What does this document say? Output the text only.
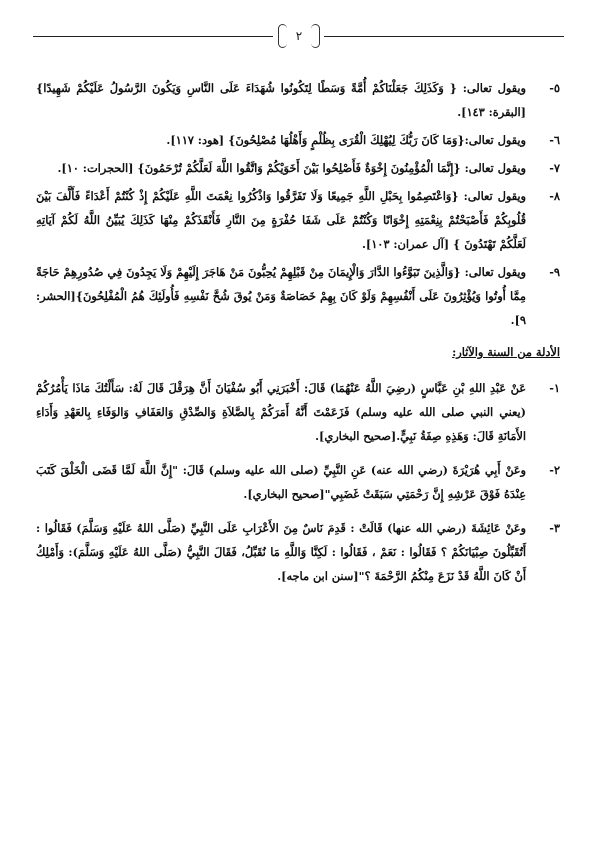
٢
٥-
ويقول تعالى: { وَكَذَلِكَ جَعَلْنَاكُمْ أُمَّةً وَسَطًا لِتَكُونُوا شُهَدَاءَ عَلَى النَّاسِ وَيَكُونَ الرَّسُولُ عَلَيْكُمْ شَهِيدًا} [البقرة: ١٤٣].
٦-
ويقول تعالى:{وَمَا كَانَ رَبُّكَ لِيُهْلِكَ الْقُرَى بِظُلْمٍ وَأَهْلُهَا مُصْلِحُونَ} [هود: ١١٧].
٧-
ويقول تعالى: {إِنَّمَا الْمُؤْمِنُونَ إِخْوَةٌ فَأَصْلِحُوا بَيْنَ أَخَوَيْكُمْ وَاتَّقُوا اللَّهَ لَعَلَّكُمْ تُرْحَمُونَ} [الحجرات: ١٠].
٨-
ويقول تعالى: {وَاعْتَصِمُوا بِحَبْلِ اللَّهِ جَمِيعًا وَلَا تَفَرَّقُوا وَاذْكُرُوا نِعْمَتَ اللَّهِ عَلَيْكُمْ إِذْ كُنْتُمْ أَعْدَاءً فَأَلَّفَ بَيْنَ قُلُوبِكُمْ فَأَصْبَحْتُمْ بِنِعْمَتِهِ إِخْوَانًا وَكُنْتُمْ عَلَى شَفَا حُفْرَةٍ مِنَ النَّارِ فَأَنْقَذَكُمْ مِنْهَا كَذَلِكَ يُبَيِّنُ اللَّهُ لَكُمْ آيَاتِهِ لَعَلَّكُمْ تَهْتَدُونَ } [آل عمران: ١٠٣].
٩-
ويقول تعالى: {وَالَّذِينَ تَبَوَّءُوا الدَّارَ وَالْإِيمَانَ مِنْ قَبْلِهِمْ يُحِبُّونَ مَنْ هَاجَرَ إِلَيْهِمْ وَلَا يَجِدُونَ فِي صُدُورِهِمْ حَاجَةً مِمَّا أُوتُوا وَيُؤْثِرُونَ عَلَى أَنْفُسِهِمْ وَلَوْ كَانَ بِهِمْ خَصَاصَةٌ وَمَنْ يُوقَ شُحَّ نَفْسِهِ فَأُولَئِكَ هُمُ الْمُفْلِحُونَ}[الحشر: ٩].
الأدلة من السنة والآثار:
١-
عَنْ عَبْدِ اللهِ بْنِ عَبَّاسٍ (رضِيَ اللَّهُ عَنْهُمَا) قَالَ: أَخْبَرَنِي أَبُو سُفْيَانَ أَنَّ هِرَقْلَ قَالَ لَهُ: سَأَلْتُكَ مَاذَا يَأْمُرُكُمْ (يعني النبي صلى الله عليه وسلم) فَزَعَمْتَ أَنَّهُ أَمَرَكُمْ بِالصَّلاَةِ وَالصِّدْقِ وَالعَفَافِ وَالوَفَاءِ بِالعَهْدِ وَأَدَاءِ الأَمَانَةِ قَالَ: وَهَذِهِ صِفَةُ نَبِيٍّ.[صحيح البخاري].
٢-
وعَنْ أَبِي هُرَيْرَةَ (رضي الله عنه) عَنِ النَّبِيِّ (صلى الله عليه وسلم) قَالَ: "إِنَّ اللَّهَ لَمَّا قَضَى الْخَلْقَ كَتَبَ عِنْدَهُ فَوْقَ عَرْشِهِ إِنَّ رَحْمَتِي سَبَقَتْ غَضَبِي"[صحيح البخاري].
٣-
وعَنْ عَائِشَةَ (رضي الله عنها) قَالَتْ : قَدِمَ نَاسٌ مِنَ الأَعْرَابِ عَلَى النَّبِيِّ (صَلَّى اللهُ عَلَيْهِ وَسَلَّمَ) فَقَالُوا : أَتُقَبِّلُونَ صِبْيَانَكُمْ ؟ فَقَالُوا : نَعَمْ ، فَقَالُوا : لَكِنَّا وَاللَّهِ مَا نُقَبِّلُ، فَقَالَ النَّبِيُّ (صَلَّى اللهُ عَلَيْهِ وَسَلَّمَ): وَأَمْلِكُ أَنْ كَانَ اللَّهُ قَدْ نَزَعَ مِنْكُمُ الرَّحْمَةَ ؟"[سنن ابن ماجه].
